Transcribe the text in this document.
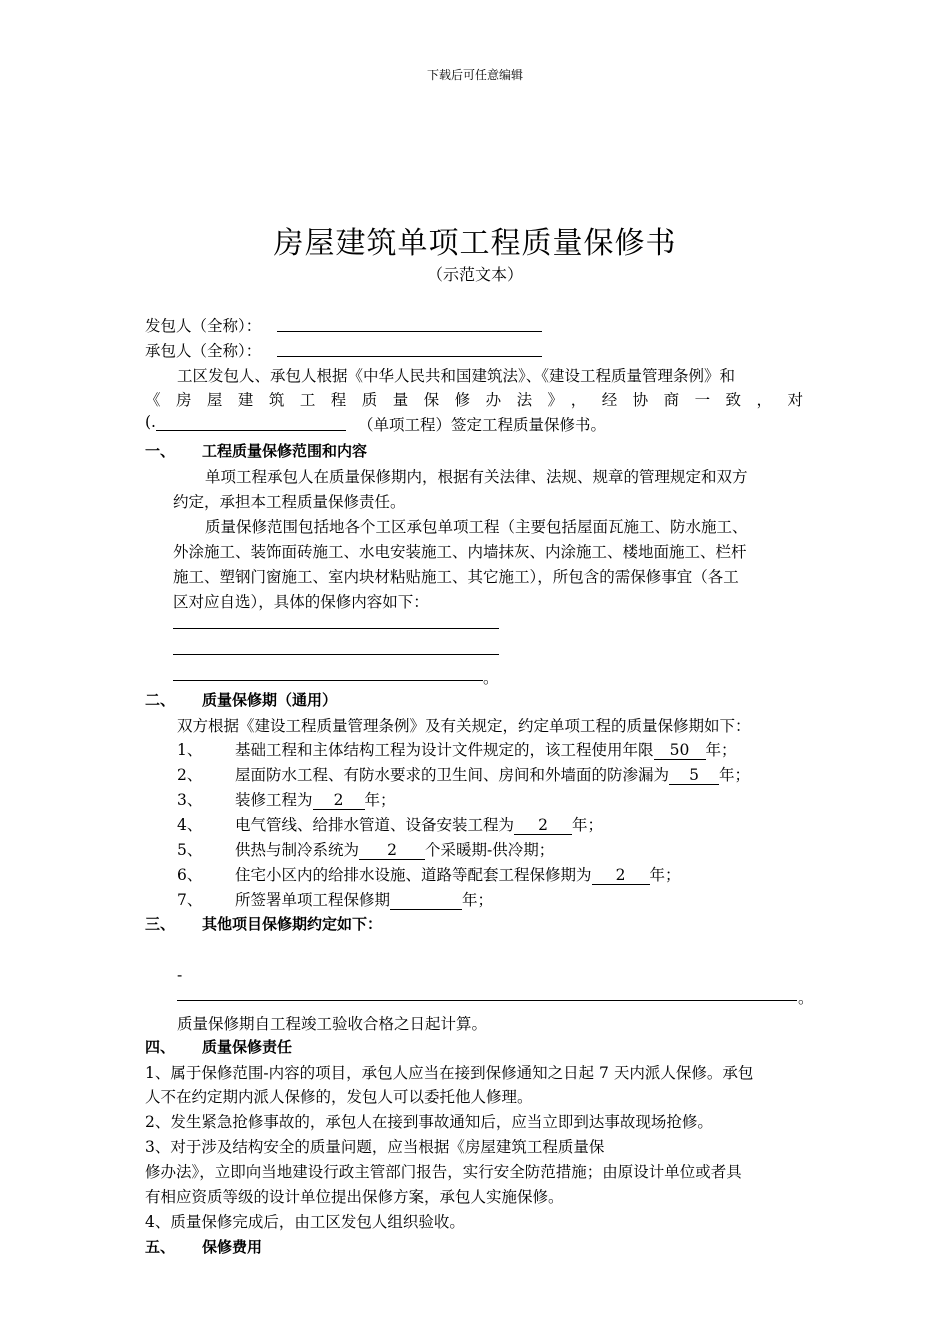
下载后可任意编辑
房屋建筑单项工程质量保修书
（示范文本）
发包人（全称）：
承包人（全称）：
工区发包人、承包人根据《中华人民共和国建筑法》、《建设工程质量管理条例》和
《房屋建筑工程质量保修办法》，经协商一致，对
(.	（单项工程）签定工程质量保修书。
一、 工程质量保修范围和内容
单项工程承包人在质量保修期内，根据有关法律、法规、规章的管理规定和双方
约定，承担本工程质量保修责任。
质量保修范围包括地各个工区承包单项工程（主要包括屋面瓦施工、防水施工、
外涂施工、装饰面砖施工、水电安装施工、内墙抹灰、内涂施工、楼地面施工、栏杆
施工、塑钢门窗施工、室内块材粘贴施工、其它施工），所包含的需保修事宜（各工
区对应自选），具体的保修内容如下：
。
二、 质量保修期（通用）
双方根据《建设工程质量管理条例》及有关规定，约定单项工程的质量保修期如下：
1、 基础工程和主体结构工程为设计文件规定的，该工程使用年限 50 年；
2、 屋面防水工程、有防水要求的卫生间、房间和外墙面的防渗漏为 5 年；
3、 装修工程为 2 年；
4、 电气管线、给排水管道、设备安装工程为 2 年；
5、 供热与制冷系统为 2 个采暖期-供冷期；
6、 住宅小区内的给排水设施、道路等配套工程保修期为 2 年；
7、 所签署单项工程保修期	年；
三、 其他项目保修期约定如下：
-
。
质量保修期自工程竣工验收合格之日起计算。
四、 质量保修责任
1、属于保修范围-内容的项目，承包人应当在接到保修通知之日起 7 天内派人保修。承包
人不在约定期内派人保修的，发包人可以委托他人修理。
2、发生紧急抢修事故的，承包人在接到事故通知后，应当立即到达事故现场抢修。
3、对于涉及结构安全的质量问题，应当根据《房屋建筑工程质量保
修办法》，立即向当地建设行政主管部门报告，实行安全防范措施；由原设计单位或者具
有相应资质等级的设计单位提出保修方案，承包人实施保修。
4、质量保修完成后，由工区发包人组织验收。
五、 保修费用
